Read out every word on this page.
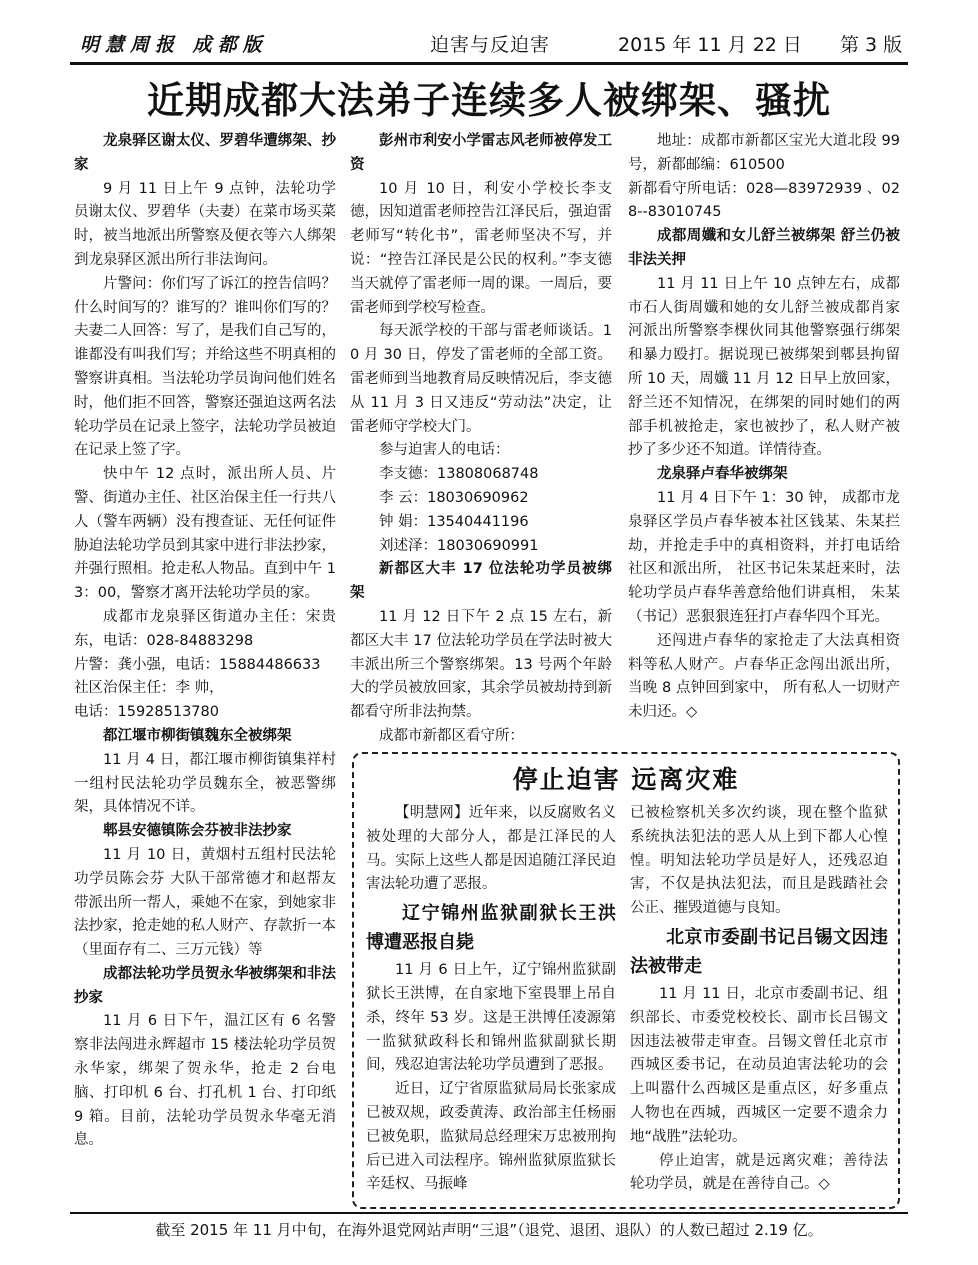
明慧周报 成都版	迫害与反迫害	2015 年 11 月 22 日 第 3 版
近期成都大法弟子连续多人被绑架、骚扰
龙泉驿区谢太仪、罗碧华遭绑架、抄家

9 月 11 日上午 9 点钟，法轮功学员谢太仪、罗碧华（夫妻）在菜市场买菜时，被当地派出所警察及便衣等六人绑架到龙泉驿区派出所行非法询问。

片警问：你们写了诉江的控告信吗？什么时间写的？谁写的？谁叫你们写的？夫妻二人回答：写了，是我们自己写的，谁都没有叫我们写；并给这些不明真相的警察讲真相。当法轮功学员询问他们姓名时，他们拒不回答，警察还强迫这两名法轮功学员在记录上签字，法轮功学员被迫在记录上签了字。

快中午 12 点时，派出所人员、片警、街道办主任、社区治保主任一行共八人（警车两辆）没有搜查证、无任何证件胁迫法轮功学员到其家中进行非法抄家，并强行照相。抢走私人物品。直到中午 13：00，警察才离开法轮功学员的家。

成都市龙泉驿区街道办主任：宋贵东，电话：028-84883298

片警：龚小强，电话：15884486633

社区治保主任：李 帅，

电话：15928513780

都江堰市柳街镇魏东全被绑架

11 月 4 日，都江堰市柳街镇集祥村一组村民法轮功学员魏东全，被恶警绑架，具体情况不详。

郫县安德镇陈会芬被非法抄家

11 月 10 日，黄烟村五组村民法轮功学员陈会芬 大队干部常德才和赵帮友带派出所一帮人，乘她不在家，到她家非法抄家，抢走她的私人财产、存款折一本（里面存有二、三万元钱）等

成都法轮功学员贺永华被绑架和非法抄家

11 月 6 日下午，温江区有 6 名警察非法闯进永辉超市 15 楼法轮功学员贺永华家，绑架了贺永华，抢走 2 台电脑、打印机 6 台、打孔机 1 台、打印纸 9 箱。目前，法轮功学员贺永华毫无消息。

彭州市利安小学雷志风老师被停发工资

10 月 10 日，利安小学校长李支德，因知道雷老师控告江泽民后，强迫雷老师写“转化书”，雷老师坚决不写，并说：“控告江泽民是公民的权利。”李支德当天就停了雷老师一周的课。一周后，要雷老师到学校写检查。

每天派学校的干部与雷老师谈话。10 月 30 日，停发了雷老师的全部工资。雷老师到当地教育局反映情况后，李支德从 11 月 3 日又违反“劳动法”决定，让雷老师守学校大门。

参与迫害人的电话：

李支德：13808068748

李 云：18030690962

钟 娟：13540441196

刘述泽：18030690991

新都区大丰 17 位法轮功学员被绑架

11 月 12 日下午 2 点 15 左右，新都区大丰 17 位法轮功学员在学法时被大丰派出所三个警察绑架。13 号两个年龄大的学员被放回家，其余学员被劫持到新都看守所非法拘禁。

成都市新都区看守所：

地址：成都市新都区宝光大道北段 99 号，新都邮编：610500

新都看守所电话：028—83972939 、028--83010745

成都周孅和女儿舒兰被绑架 舒兰仍被非法关押

11 月 11 日上午 10 点钟左右，成都市石人街周孅和她的女儿舒兰被成都肖家河派出所警察李棵伙同其他警察强行绑架和暴力殴打。据说现已被绑架到郫县拘留所 10 天，周孅 11 月 12 日早上放回家，舒兰还不知情况，在绑架的同时她们的两部手机被抢走，家也被抄了，私人财产被抄了多少还不知道。详情待查。

龙泉驿卢春华被绑架

11 月 4 日下午 1：30 钟， 成都市龙泉驿区学员卢春华被本社区钱某、朱某拦劫，并抢走手中的真相资料，并打电话给社区和派出所， 社区书记朱某赶来时，法轮功学员卢春华善意给他们讲真相， 朱某（书记）恶狠狠连狂打卢春华四个耳光。

还闯进卢春华的家抢走了大法真相资料等私人财产。卢春华正念闯出派出所， 当晚 8 点钟回到家中， 所有私人一切财产未归还。◇

停止迫害 远离灾难

【明慧网】近年来，以反腐败名义被处理的大部分人，都是江泽民的人马。实际上这些人都是因追随江泽民迫害法轮功遭了恶报。

辽宁锦州监狱副狱长王洪博遭恶报自毙

11 月 6 日上午，辽宁锦州监狱副狱长王洪博，在自家地下室畏罪上吊自杀，终年 53 岁。这是王洪博任凌源第一监狱狱政科长和锦州监狱副狱长期间，残忍迫害法轮功学员遭到了恶报。

近日，辽宁省原监狱局局长张家成已被双规，政委黄涛、政治部主任杨丽已被免职，监狱局总经理宋万忠被刑拘后已进入司法程序。锦州监狱原监狱长辛廷权、马振峰

已被检察机关多次约谈，现在整个监狱系统执法犯法的恶人从上到下都人心惶惶。明知法轮功学员是好人，还残忍迫害，不仅是执法犯法，而且是践踏社会公正、摧毁道德与良知。

北京市委副书记吕锡文因违法被带走

11 月 11 日，北京市委副书记、组织部长、市委党校校长、副市长吕锡文因违法被带走审查。吕锡文曾任北京市西城区委书记，在动员迫害法轮功的会上叫嚣什么西城区是重点区，好多重点人物也在西城，西城区一定要不遗余力地“战胜”法轮功。

停止迫害，就是远离灾难；善待法轮功学员，就是在善待自己。◇

截至 2015 年 11 月中旬，在海外退党网站声明“三退”（退党、退团、退队）的人数已超过 2.19 亿。
